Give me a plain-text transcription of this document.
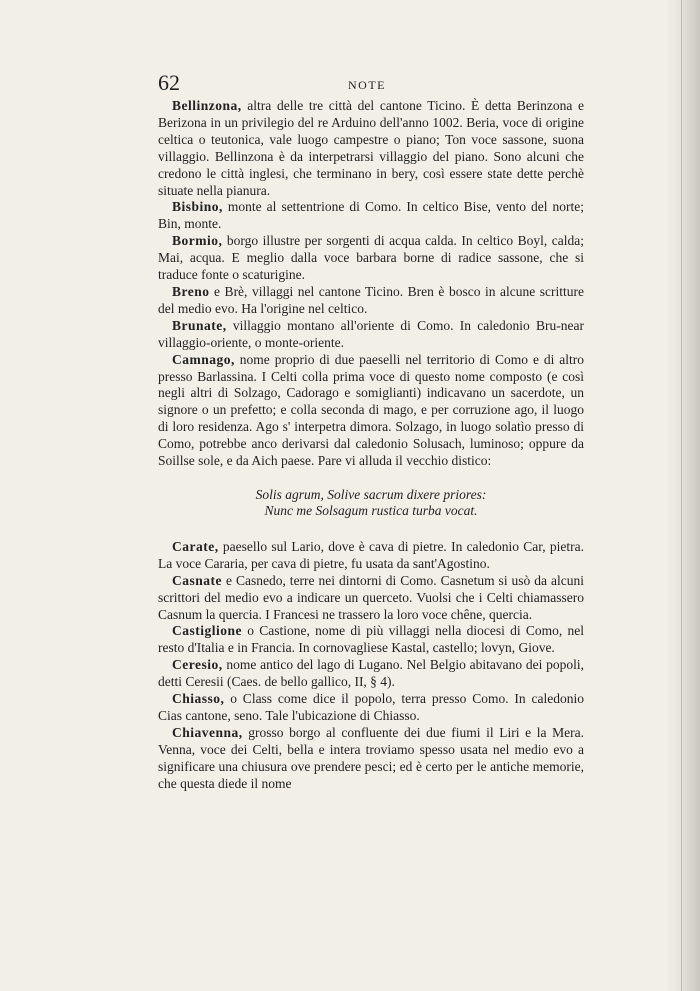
62	NOTE

Bellinzona, altra delle tre città del cantone Ticino. È detta Berinzona e Berizona in un privilegio del re Arduino dell'anno 1002. Beria, voce di origine celtica o teutonica, vale luogo campestre o piano; Ton voce sassone, suona villaggio. Bellinzona è da interpetrarsi villaggio del piano. Sono alcuni che credono le città inglesi, che terminano in bery, così essere state dette perchè situate nella pianura.

Bisbino, monte al settentrione di Como. In celtico Bise, vento del norte; Bin, monte.

Bormio, borgo illustre per sorgenti di acqua calda. In celtico Boyl, calda; Mai, acqua. E meglio dalla voce barbara borne di radice sassone, che si traduce fonte o scaturigine.

Breno e Brè, villaggi nel cantone Ticino. Bren è bosco in alcune scritture del medio evo. Ha l'origine nel celtico.

Brunate, villaggio montano all'oriente di Como. In caledonio Bru-near villaggio-oriente, o monte-oriente.

Camnago, nome proprio di due paeselli nel territorio di Como e di altro presso Barlassina. I Celti colla prima voce di questo nome composto (e così negli altri di Solzago, Cadorago e somiglianti) indicavano un sacerdote, un signore o un prefetto; e colla seconda di mago, e per corruzione ago, il luogo di loro residenza. Ago s' interpetra dimora. Solzago, in luogo solatìo presso di Como, potrebbe anco derivarsi dal caledonio Solusach, luminoso; oppure da Soillse sole, e da Aich paese. Pare vi alluda il vecchio distico:

Solis agrum, Solive sacrum dixere priores:

Nunc me Solsagum rustica turba vocat.

Carate, paesello sul Lario, dove è cava di pietre. In caledonio Car, pietra. La voce Cararia, per cava di pietre, fu usata da sant'Agostino.

Casnate e Casnedo, terre nei dintorni di Como. Casnetum si usò da alcuni scrittori del medio evo a indicare un querceto. Vuolsi che i Celti chiamassero Casnum la quercia. I Francesi ne trassero la loro voce chêne, quercia.

Castiglione o Castione, nome di più villaggi nella diocesi di Como, nel resto d'Italia e in Francia. In cornovagliese Kastal, castello; lovyn, Giove.

Ceresio, nome antico del lago di Lugano. Nel Belgio abitavano dei popoli, detti Ceresii (Caes. de bello gallico, II, § 4).

Chiasso, o Class come dice il popolo, terra presso Como. In caledonio Cias cantone, seno. Tale l'ubicazione di Chiasso.

Chiavenna, grosso borgo al confluente dei due fiumi il Liri e la Mera. Venna, voce dei Celti, bella e intera troviamo spesso usata nel medio evo a significare una chiusura ove prendere pesci; ed è certo per le antiche memorie, che questa diede il nome
